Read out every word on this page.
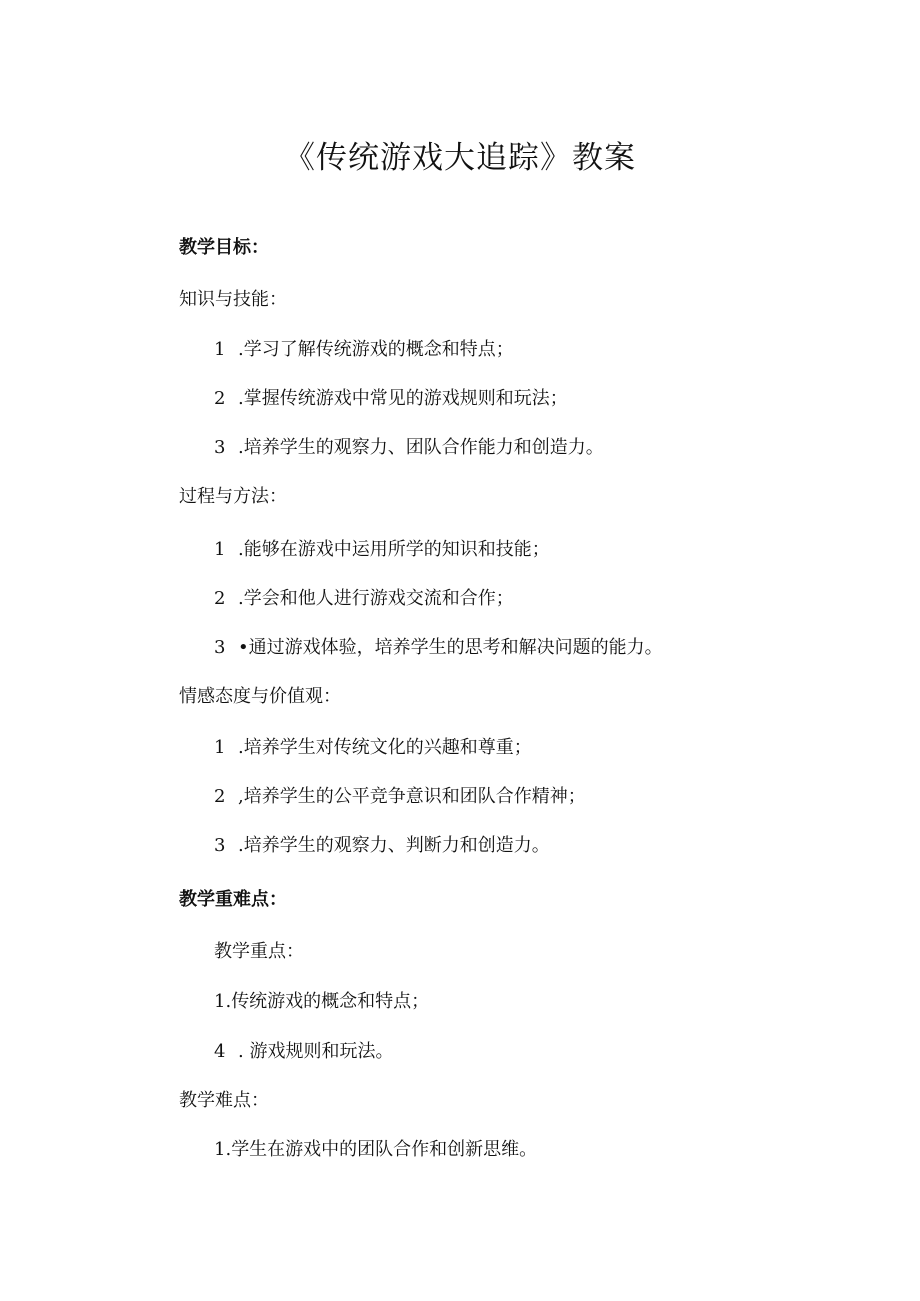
《传统游戏大追踪》教案
教学目标：
知识与技能：
1 .学习了解传统游戏的概念和特点；
2 .掌握传统游戏中常见的游戏规则和玩法；
3 .培养学生的观察力、团队合作能力和创造力。
过程与方法：
1 .能够在游戏中运用所学的知识和技能；
2 .学会和他人进行游戏交流和合作；
3 •通过游戏体验，培养学生的思考和解决问题的能力。
情感态度与价值观：
1 .培养学生对传统文化的兴趣和尊重；
2 ,培养学生的公平竞争意识和团队合作精神；
3 .培养学生的观察力、判断力和创造力。
教学重难点：
教学重点：
1.传统游戏的概念和特点；
4 . 游戏规则和玩法。
教学难点：
1.学生在游戏中的团队合作和创新思维。
